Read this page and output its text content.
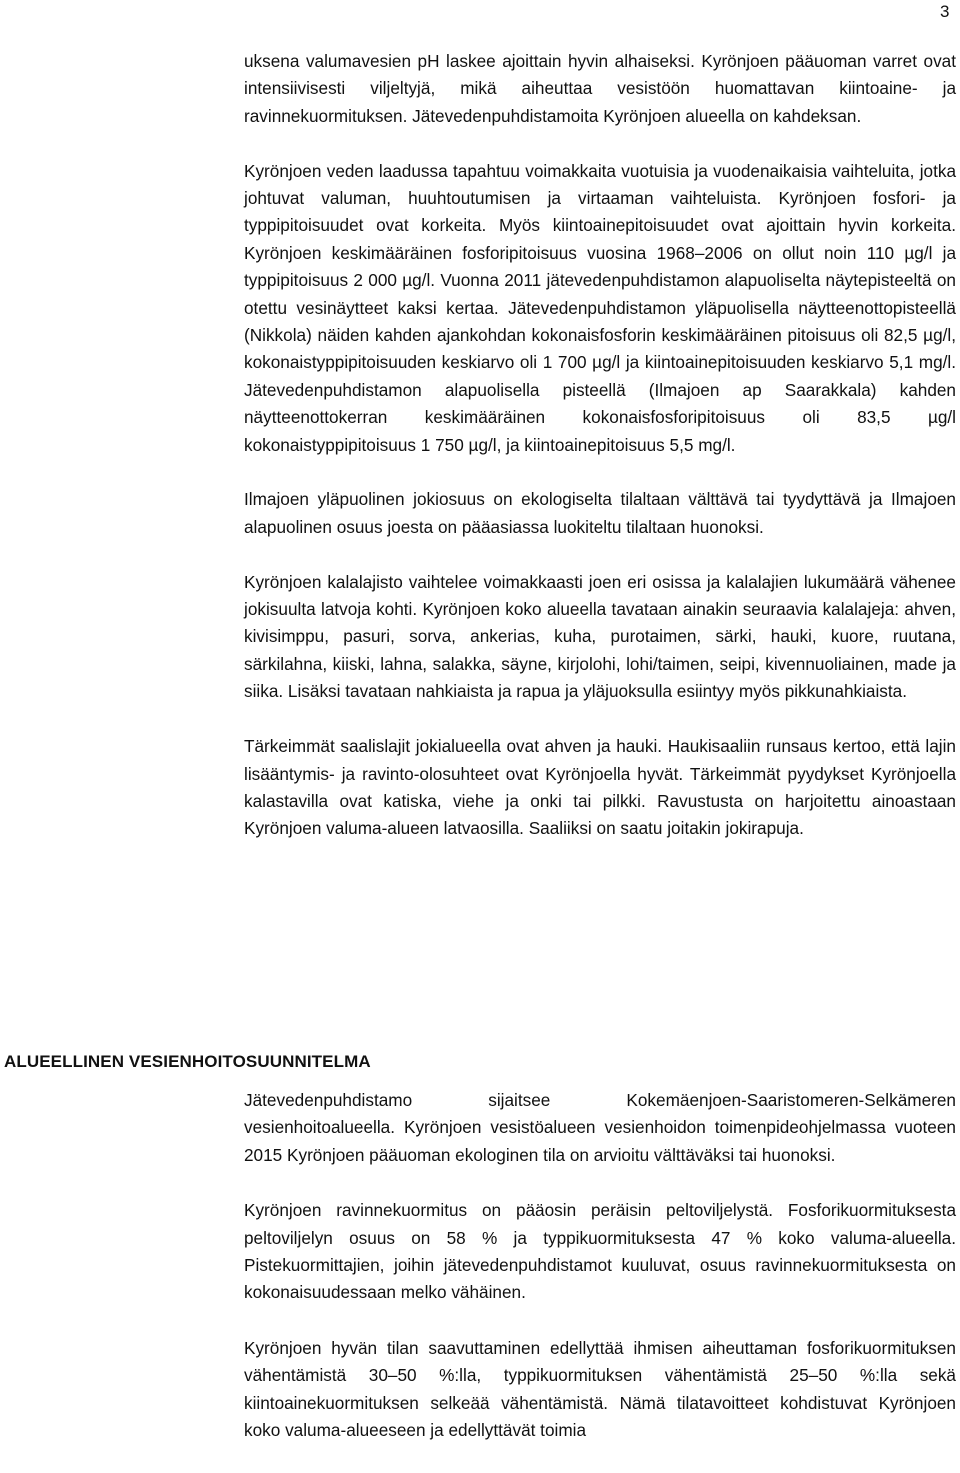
3

uksena valumavesien pH laskee ajoittain hyvin alhaiseksi. Kyrönjoen pääuoman varret ovat intensiivisesti viljeltyjä, mikä aiheuttaa vesistöön huomattavan kiintoaine- ja ravinnekuormituksen. Jätevedenpuhdistamoita Kyrönjoen alueella on kahdeksan.

Kyrönjoen veden laadussa tapahtuu voimakkaita vuotuisia ja vuodenaikaisia vaihteluita, jotka johtuvat valuman, huuhtoutumisen ja virtaaman vaihteluista. Kyrönjoen fosfori- ja typpipitoisuudet ovat korkeita. Myös kiintoainepitoisuudet ovat ajoittain hyvin korkeita. Kyrönjoen keskimääräinen fosforipitoisuus vuosina 1968–2006 on ollut noin 110 µg/l ja typpipitoisuus 2 000 µg/l. Vuonna 2011 jätevedenpuhdistamon alapuoliselta näytepisteeltä on otettu vesinäytteet kaksi kertaa. Jätevedenpuhdistamon yläpuolisella näytteenottopisteellä (Nikkola) näiden kahden ajankohdan kokonaisfosforin keskimääräinen pitoisuus oli 82,5 µg/l, kokonaistyppipitoisuuden keskiarvo oli 1 700 µg/l ja kiintoainepitoisuuden keskiarvo 5,1 mg/l. Jätevedenpuhdistamon alapuolisella pisteellä (Ilmajoen ap Saarakkala) kahden näytteenottokerran keskimääräinen kokonaisfosforipitoisuus oli 83,5 µg/l kokonaistyppipitoisuus 1 750 µg/l, ja kiintoainepitoisuus 5,5 mg/l.

Ilmajoen yläpuolinen jokiosuus on ekologiselta tilaltaan välttävä tai tyydyttävä ja Ilmajoen alapuolinen osuus joesta on pääasiassa luokiteltu tilaltaan huonoksi.

Kyrönjoen kalalajisto vaihtelee voimakkaasti joen eri osissa ja kalalajien lukumäärä vähenee jokisuulta latvoja kohti. Kyrönjoen koko alueella tavataan ainakin seuraavia kalalajeja: ahven, kivisimppu, pasuri, sorva, ankerias, kuha, purotaimen, särki, hauki, kuore, ruutana, särkilahna, kiiski, lahna, salakka, säyne, kirjolohi, lohi/taimen, seipi, kivennuoliainen, made ja siika. Lisäksi tavataan nahkiaista ja rapua ja yläjuoksulla esiintyy myös pikkunahkiaista.

Tärkeimmät saalislajit jokialueella ovat ahven ja hauki. Haukisaaliin runsaus kertoo, että lajin lisääntymis- ja ravinto-olosuhteet ovat Kyrönjoella hyvät. Tärkeimmät pyydykset Kyrönjoella kalastavilla ovat katiska, viehe ja onki tai pilkki. Ravustusta on harjoitettu ainoastaan Kyrönjoen valuma-alueen latvaosilla. Saaliiksi on saatu joitakin jokirapuja.

ALUEELLINEN VESIENHOITOSUUNNITELMA

Jätevedenpuhdistamo sijaitsee Kokemäenjoen-Saaristomeren-Selkämeren vesienhoitoalueella. Kyrönjoen vesistöalueen vesienhoidon toimenpideohjelmassa vuoteen 2015 Kyrönjoen pääuoman ekologinen tila on arvioitu välttäväksi tai huonoksi.

Kyrönjoen ravinnekuormitus on pääosin peräisin peltoviljelystä. Fosforikuormituksesta peltoviljelyn osuus on 58 % ja typpikuormituksesta 47 % koko valuma-alueella. Pistekuormittajien, joihin jätevedenpuhdistamot kuuluvat, osuus ravinnekuormituksesta on kokonaisuudessaan melko vähäinen.

Kyrönjoen hyvän tilan saavuttaminen edellyttää ihmisen aiheuttaman fosforikuormituksen vähentämistä 30–50 %:lla, typpikuormituksen vähentämistä 25–50 %:lla sekä kiintoainekuormituksen selkeää vähentämistä. Nämä tilatavoitteet kohdistuvat Kyrönjoen koko valuma-alueeseen ja edellyttävät toimia
